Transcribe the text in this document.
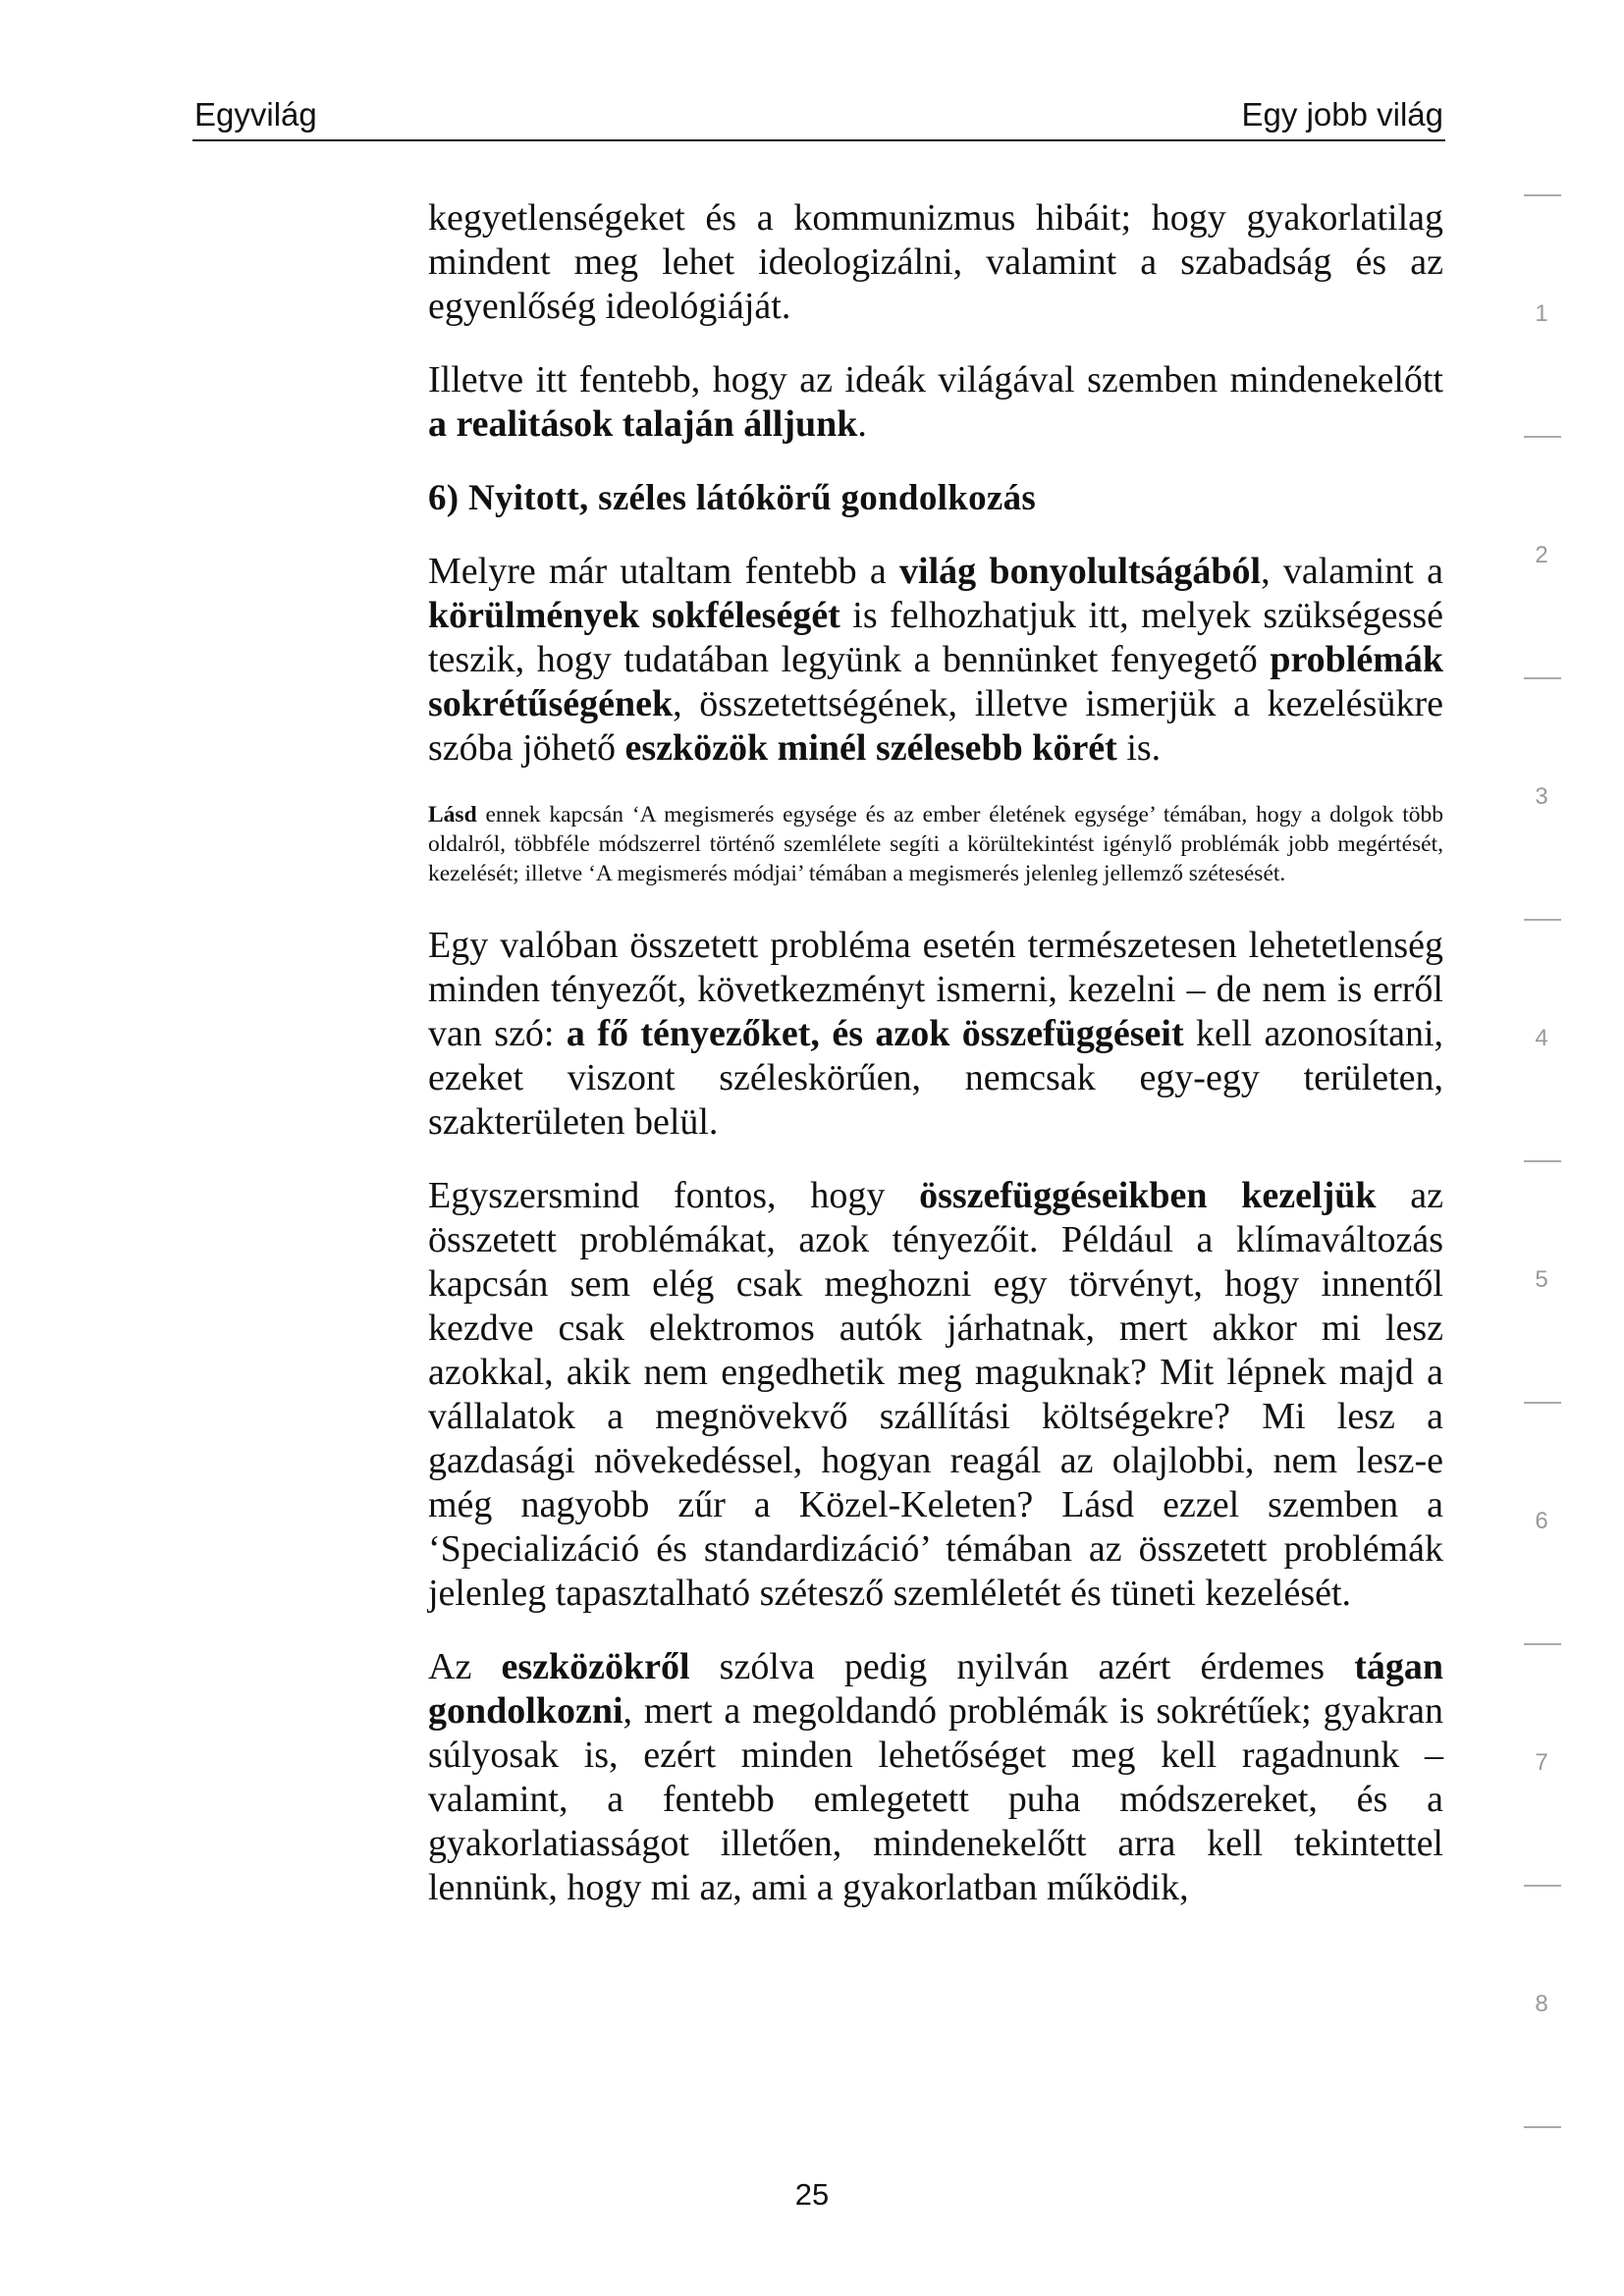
Egyvilág	Egy jobb világ

kegyetlenségeket és a kommunizmus hibáit; hogy gyakorlatilag mindent meg lehet ideologizálni, valamint a szabadság és az egyenlőség ideológiáját.

Illetve itt fentebb, hogy az ideák világával szemben mindenekelőtt a realitások talaján álljunk.

6) Nyitott, széles látókörű gondolkozás

Melyre már utaltam fentebb a világ bonyolultságából, valamint a körülmények sokféleségét is felhozhatjuk itt, melyek szükségessé teszik, hogy tudatában legyünk a bennünket fenyegető problémák sokrétűségének, összetettségének, illetve ismerjük a kezelésükre szóba jöhető eszközök minél szélesebb körét is.

Lásd ennek kapcsán ‘A megismerés egysége és az ember életének egysége’ témában, hogy a dolgok több oldalról, többféle módszerrel történő szemlélete segíti a körültekintést igénylő problémák jobb megértését, kezelését; illetve ‘A megismerés módjai’ témában a megismerés jelenleg jellemző szétesését.

Egy valóban összetett probléma esetén természetesen lehetetlenség minden tényezőt, következményt ismerni, kezelni – de nem is erről van szó: a fő tényezőket, és azok összefüggéseit kell azonosítani, ezeket viszont széleskörűen, nemcsak egy-egy területen, szakterületen belül.

Egyszersmind fontos, hogy összefüggéseikben kezeljük az összetett problémákat, azok tényezőit. Például a klímaváltozás kapcsán sem elég csak meghozni egy törvényt, hogy innentől kezdve csak elektromos autók járhatnak, mert akkor mi lesz azokkal, akik nem engedhetik meg maguknak? Mit lépnek majd a vállalatok a megnövekvő szállítási költségekre? Mi lesz a gazdasági növekedéssel, hogyan reagál az olajlobbi, nem lesz-e még nagyobb zűr a Közel-Keleten? Lásd ezzel szemben a ‘Specializáció és standardizáció’ témában az összetett problémák jelenleg tapasztalható szétesző szemléletét és tüneti kezelését.

Az eszközökről szólva pedig nyilván azért érdemes tágan gondolkozni, mert a megoldandó problémák is sokrétűek; gyakran súlyosak is, ezért minden lehetőséget meg kell ragadnunk – valamint, a fentebb emlegetett puha módszereket, és a gyakorlatiasságot illetően, mindenekelőtt arra kell tekintettel lennünk, hogy mi az, ami a gyakorlatban működik,

1
2
3
4
5
6
7
8
25
